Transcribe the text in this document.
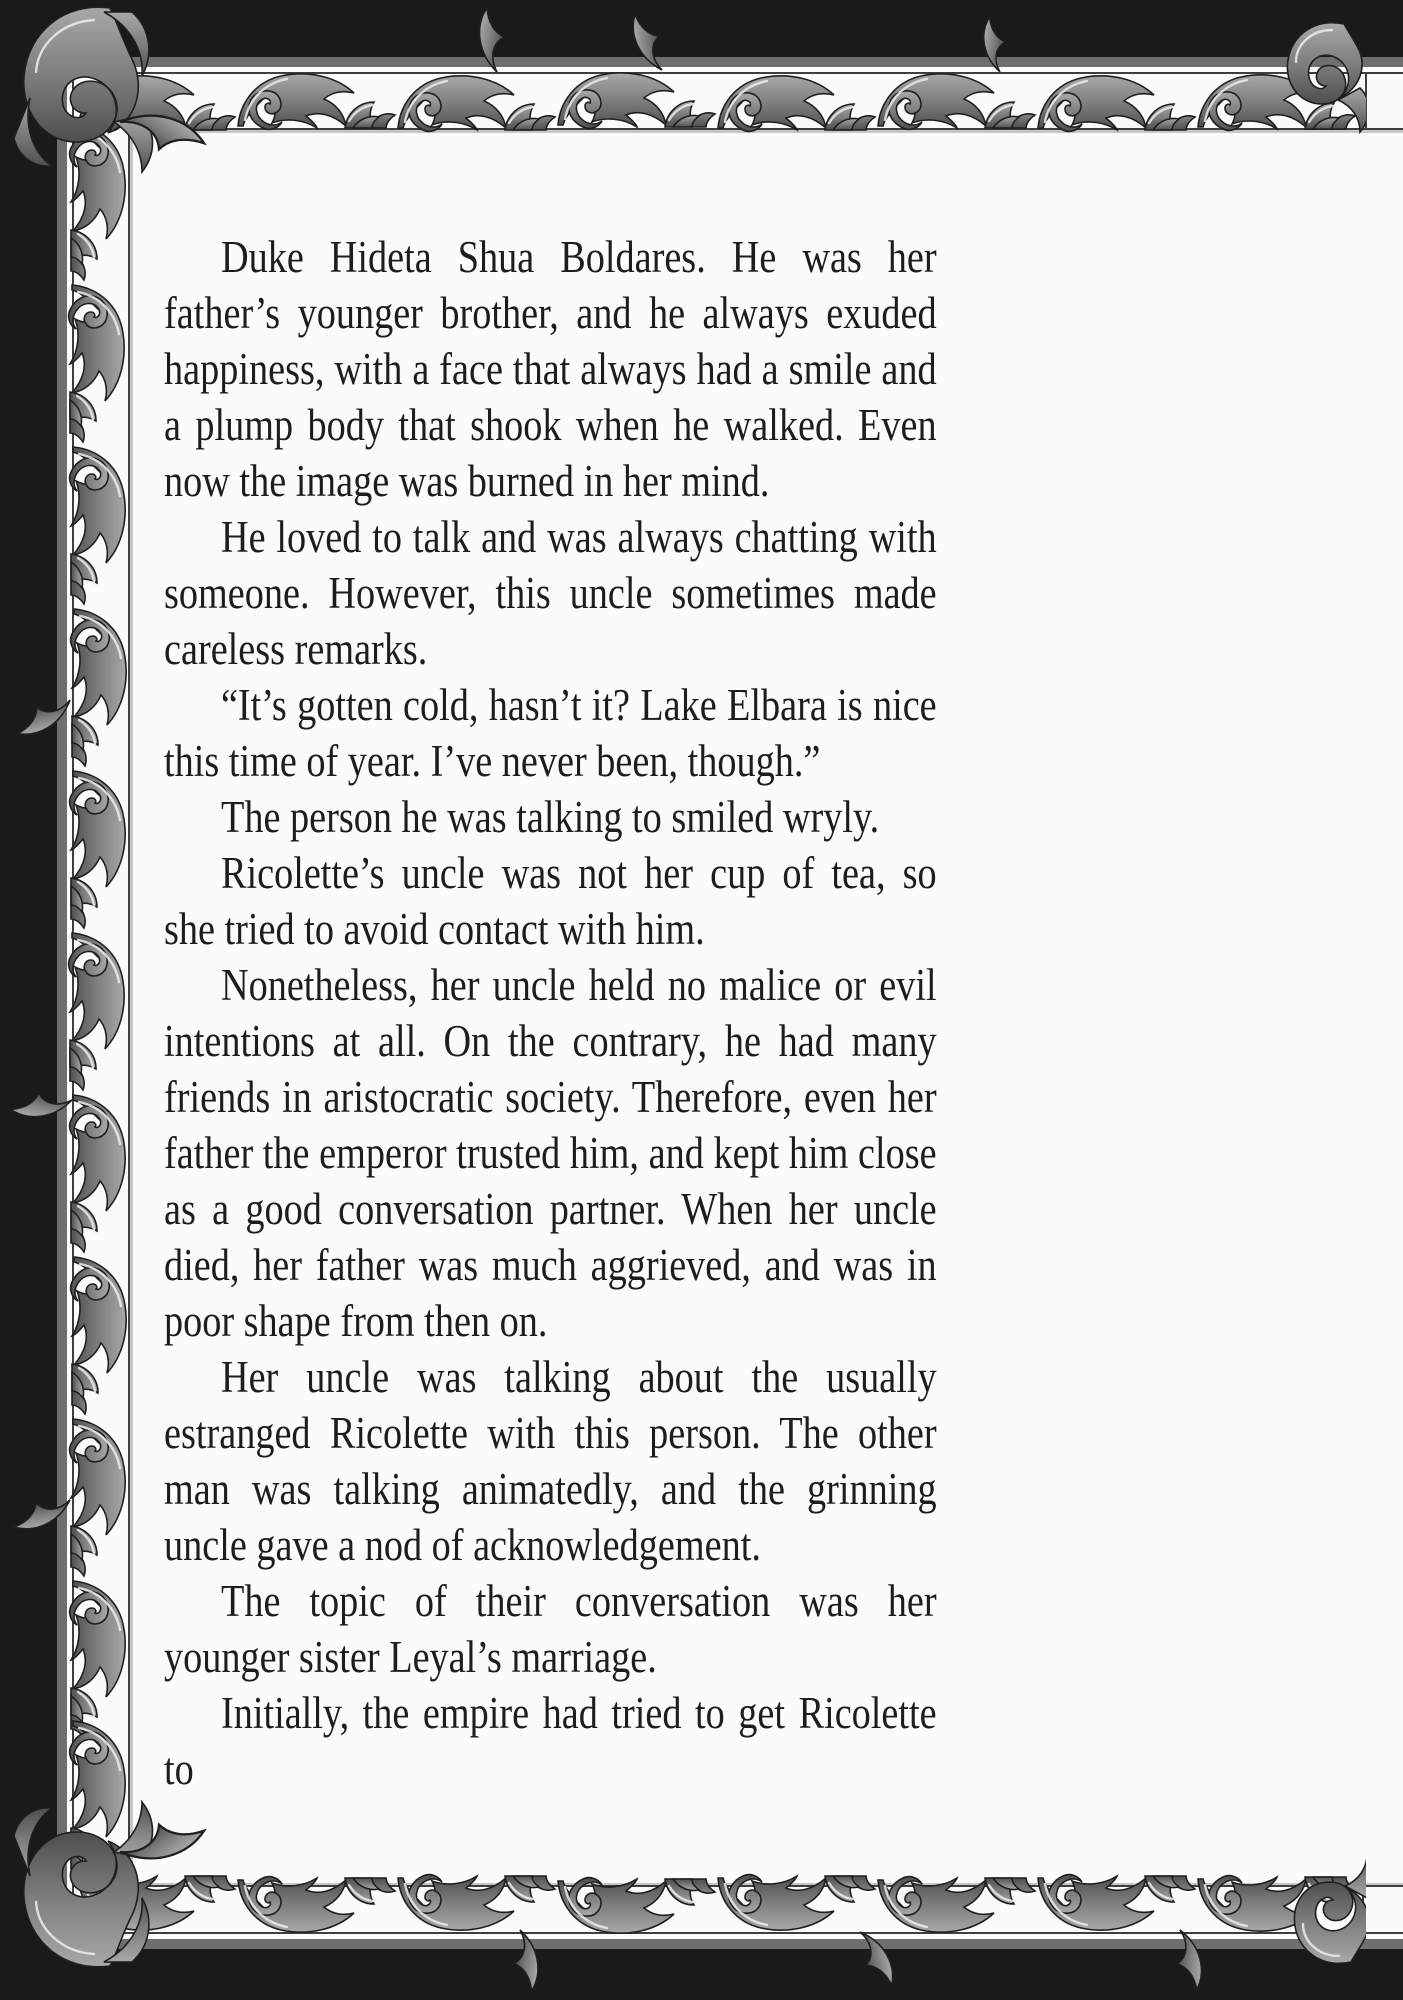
Duke Hideta Shua Boldares. He was her father’s younger brother, and he always exuded happiness, with a face that always had a smile and a plump body that shook when he walked. Even now the image was burned in her mind.

He loved to talk and was always chatting with someone. However, this uncle sometimes made careless remarks.

“It’s gotten cold, hasn’t it? Lake Elbara is nice this time of year. I’ve never been, though.”

The person he was talking to smiled wryly.

Ricolette’s uncle was not her cup of tea, so she tried to avoid contact with him.

Nonetheless, her uncle held no malice or evil intentions at all. On the contrary, he had many friends in aristocratic society. Therefore, even her father the emperor trusted him, and kept him close as a good conversation partner. When her uncle died, her father was much aggrieved, and was in poor shape from then on.

Her uncle was talking about the usually estranged Ricolette with this person. The other man was talking animatedly, and the grinning uncle gave a nod of acknowledgement.

The topic of their conversation was her younger sister Leyal’s marriage.

Initially, the empire had tried to get Ricolette to
